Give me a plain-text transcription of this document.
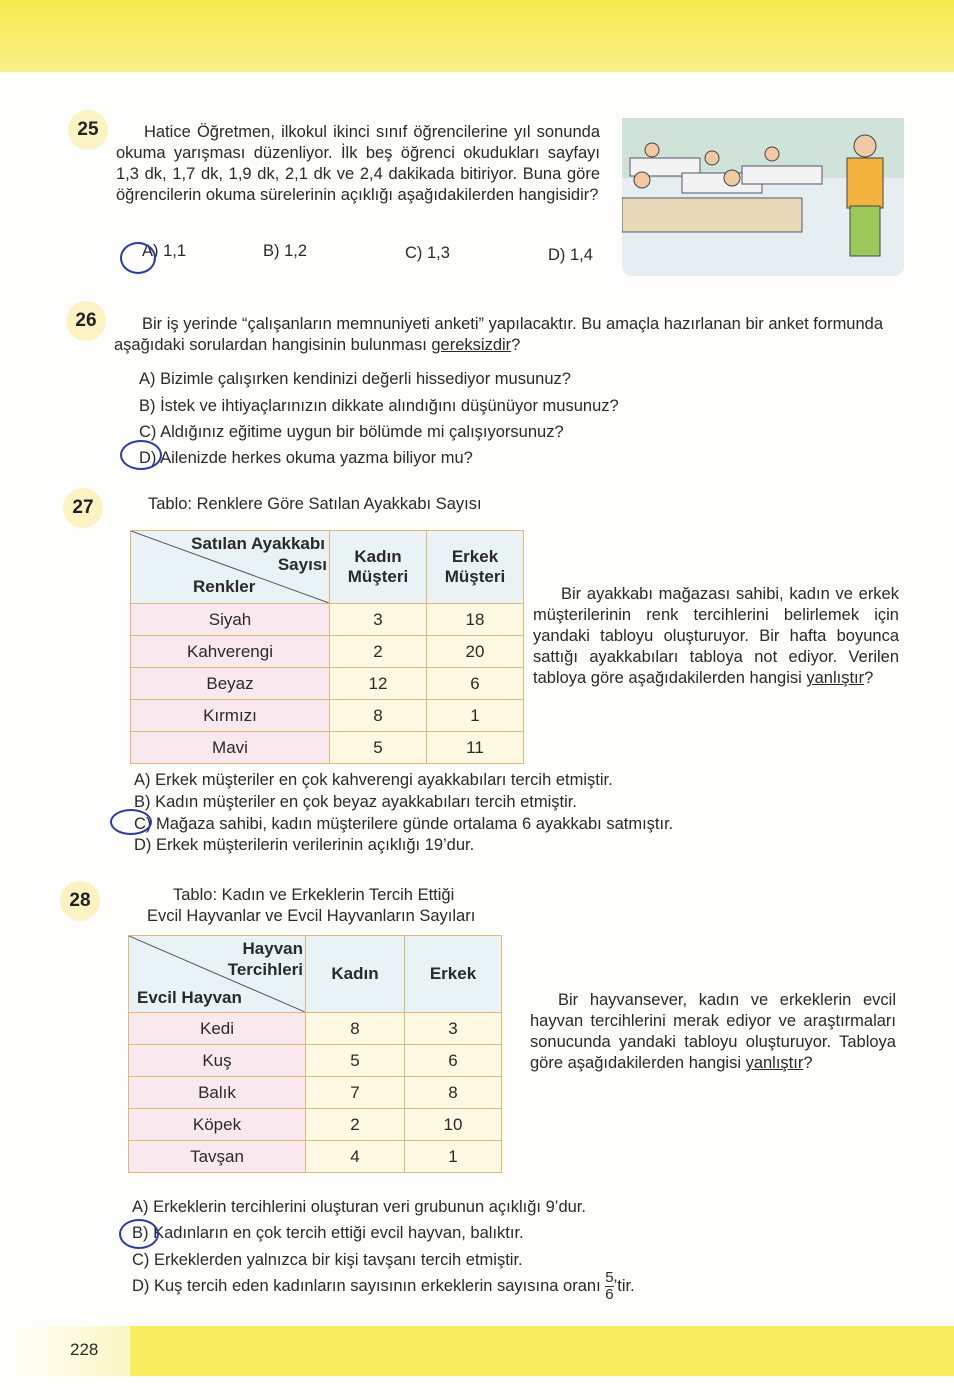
25	Hatice Öğretmen, ilkokul ikinci sınıf öğrencilerine yıl sonunda okuma yarışması düzenliyor. İlk beş öğrenci okudukları sayfayı 1,3 dk, 1,7 dk, 1,9 dk, 2,1 dk ve 2,4 dakikada bitiriyor. Buna göre öğrencilerin okuma sürelerinin açıklığı aşağıdakilerden hangisidir?
A) 1,1	B) 1,2	C) 1,3	D) 1,4
26	Bir iş yerinde “çalışanların memnuniyeti anketi” yapılacaktır. Bu amaçla hazırlanan bir anket formunda aşağıdaki sorulardan hangisinin bulunması gereksizdir?
A) Bizimle çalışırken kendinizi değerli hissediyor musunuz?
B) İstek ve ihtiyaçlarınızın dikkate alındığını düşünüyor musunuz?
C) Aldığınız eğitime uygun bir bölümde mi çalışıyorsunuz?
D) Ailenizde herkes okuma yazma biliyor mu?
27	Tablo: Renklere Göre Satılan Ayakkabı Sayısı
Satılan Ayakkabı
Sayısı
Renkler	Kadın Müşteri	Erkek Müşteri
Siyah	3	18
Kahverengi	2	20
Beyaz	12	6
Kırmızı	8	1
Mavi	5	11
Bir ayakkabı mağazası sahibi, kadın ve erkek müşterilerinin renk tercihlerini belirlemek için yandaki tabloyu oluşturuyor. Bir hafta boyunca sattığı ayakkabıları tabloya not ediyor. Verilen tabloya göre aşağıdakilerden hangisi yanlıştır?
A) Erkek müşteriler en çok kahverengi ayakkabıları tercih etmiştir.
B) Kadın müşteriler en çok beyaz ayakkabıları tercih etmiştir.
C) Mağaza sahibi, kadın müşterilere günde ortalama 6 ayakkabı satmıştır.
D) Erkek müşterilerin verilerinin açıklığı 19’dur.
28	Tablo: Kadın ve Erkeklerin Tercih Ettiği
Evcil Hayvanlar ve Evcil Hayvanların Sayıları
Hayvan
Tercihleri
Evcil Hayvan	Kadın	Erkek
Kedi	8	3
Kuş	5	6
Balık	7	8
Köpek	2	10
Tavşan	4	1
Bir hayvansever, kadın ve erkeklerin evcil hayvan tercihlerini merak ediyor ve araştırmaları sonucunda yandaki tabloyu oluşturuyor. Tabloya göre aşağıdakilerden hangisi yanlıştır?
A) Erkeklerin tercihlerini oluşturan veri grubunun açıklığı 9’dur.
B) Kadınların en çok tercih ettiği evcil hayvan, balıktır.
C) Erkeklerden yalnızca bir kişi tavşanı tercih etmiştir.
D) Kuş tercih eden kadınların sayısının erkeklerin sayısına oranı $\frac{5}{6}$ ’tir.
228
